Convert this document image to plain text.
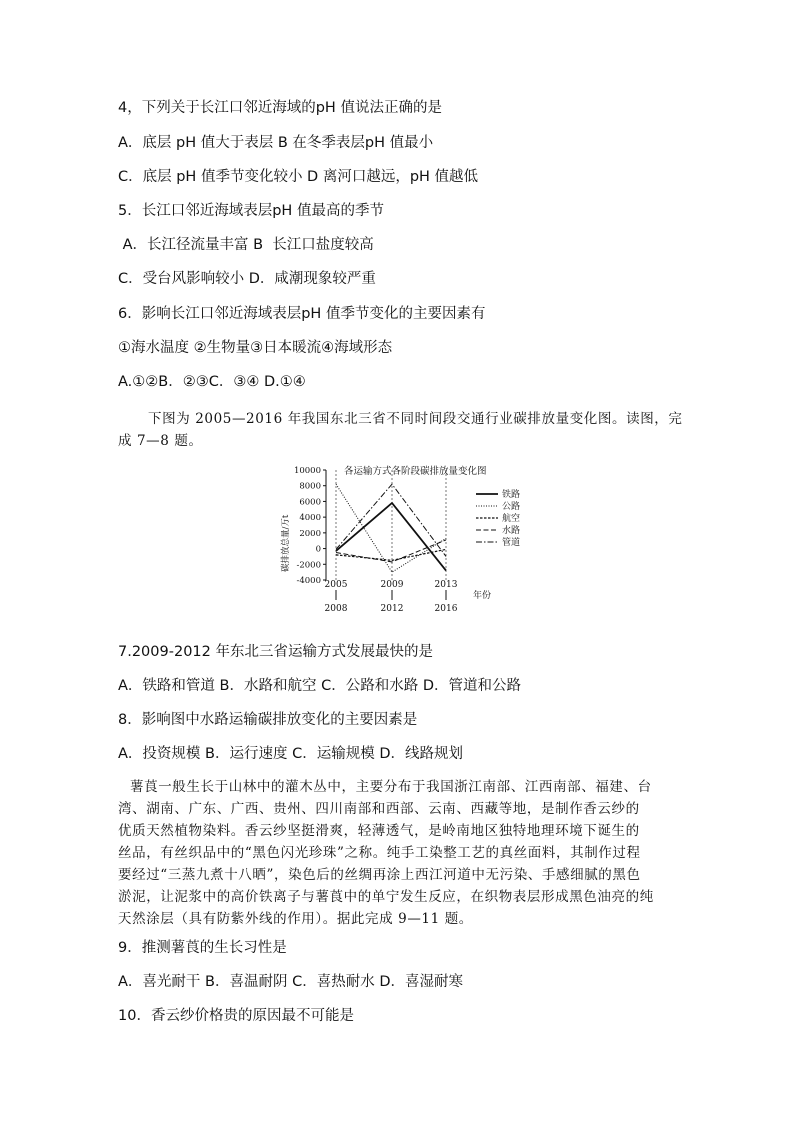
4，下列关于长江口邻近海域的pH 值说法正确的是
A．底层 pH 值大于表层 B 在冬季表层pH 值最小
C．底层 pH 值季节变化较小 D 离河口越远，pH 值越低
5．长江口邻近海域表层pH 值最高的季节
A．长江径流量丰富 B  长江口盐度较高
C．受台风影响较小 D．咸潮现象较严重
6．影响长江口邻近海域表层pH 值季节变化的主要因素有
①海水温度 ②生物量③日本暖流④海域形态
A.①②B．②③C．③④ D.①④
下图为 2005—2016 年我国东北三省不同时间段交通行业碳排放量变化图。读图，完
成 7—8 题。
各运输方式各阶段碳排放量变化图
碳排放总量/万t
年份
10000
8000
6000
4000
2000
0
-2000
-4000 2005
2008
2009
2012
2013
2016
铁路
公路
航空
水路
管道
7.2009-2012 年东北三省运输方式发展最快的是
A．铁路和管道 B．水路和航空 C．公路和水路 D．管道和公路
8．影响图中水路运输碳排放变化的主要因素是
A．投资规模 B．运行速度 C．运输规模 D．线路规划
薯莨一般生长于山林中的灌木丛中，主要分布于我国浙江南部、江西南部、福建、台
湾、湖南、广东、广西、贵州、四川南部和西部、云南、西藏等地，是制作香云纱的
优质天然植物染料。香云纱坚挺滑爽，轻薄透气，是岭南地区独特地理环境下诞生的
丝品，有丝织品中的“黑色闪光珍珠”之称。纯手工染整工艺的真丝面料，其制作过程
要经过“三蒸九煮十八晒”，染色后的丝绸再涂上西江河道中无污染、手感细腻的黑色
淤泥，让泥浆中的高价铁离子与薯莨中的单宁发生反应，在织物表层形成黑色油亮的纯
天然涂层（具有防紫外线的作用）。据此完成 9—11 题。
9．推测薯莨的生长习性是
A．喜光耐干 B．喜温耐阴 C．喜热耐水 D．喜湿耐寒
10．香云纱价格贵的原因最不可能是
